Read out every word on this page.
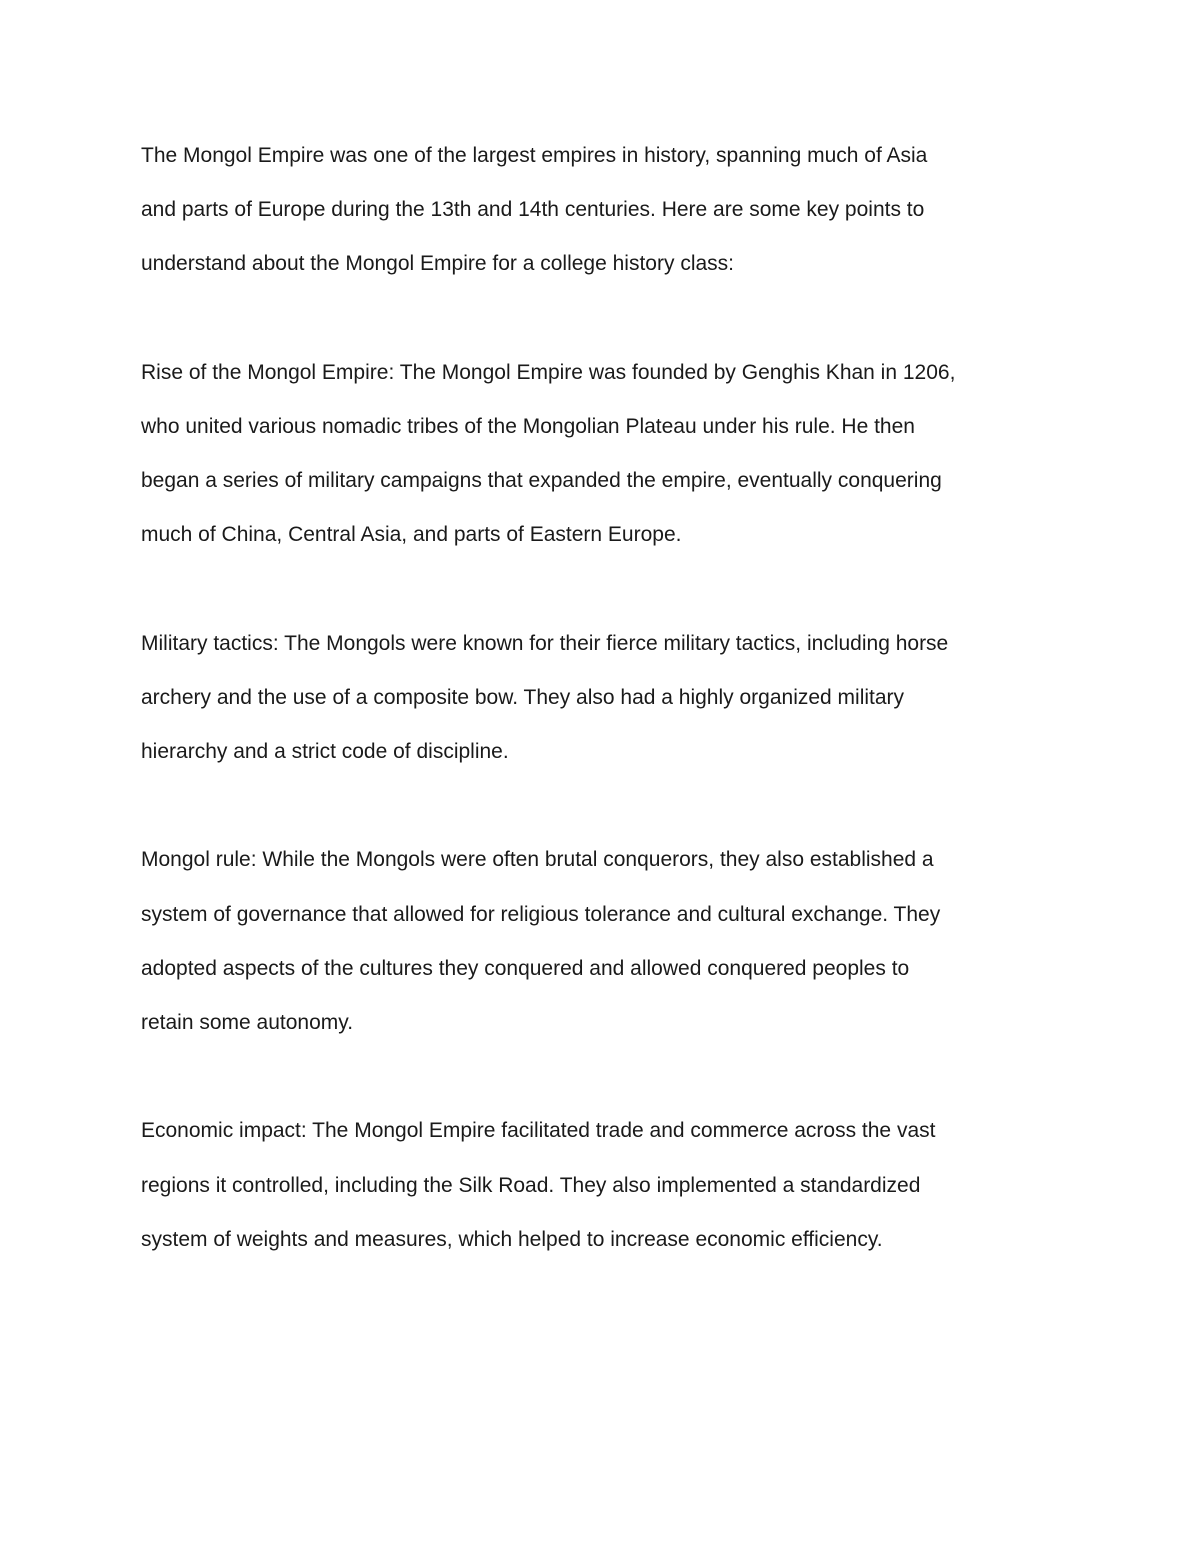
The Mongol Empire was one of the largest empires in history, spanning much of Asia
and parts of Europe during the 13th and 14th centuries. Here are some key points to
understand about the Mongol Empire for a college history class:
Rise of the Mongol Empire: The Mongol Empire was founded by Genghis Khan in 1206,
who united various nomadic tribes of the Mongolian Plateau under his rule. He then
began a series of military campaigns that expanded the empire, eventually conquering
much of China, Central Asia, and parts of Eastern Europe.
Military tactics: The Mongols were known for their fierce military tactics, including horse
archery and the use of a composite bow. They also had a highly organized military
hierarchy and a strict code of discipline.
Mongol rule: While the Mongols were often brutal conquerors, they also established a
system of governance that allowed for religious tolerance and cultural exchange. They
adopted aspects of the cultures they conquered and allowed conquered peoples to
retain some autonomy.
Economic impact: The Mongol Empire facilitated trade and commerce across the vast
regions it controlled, including the Silk Road. They also implemented a standardized
system of weights and measures, which helped to increase economic efficiency.
